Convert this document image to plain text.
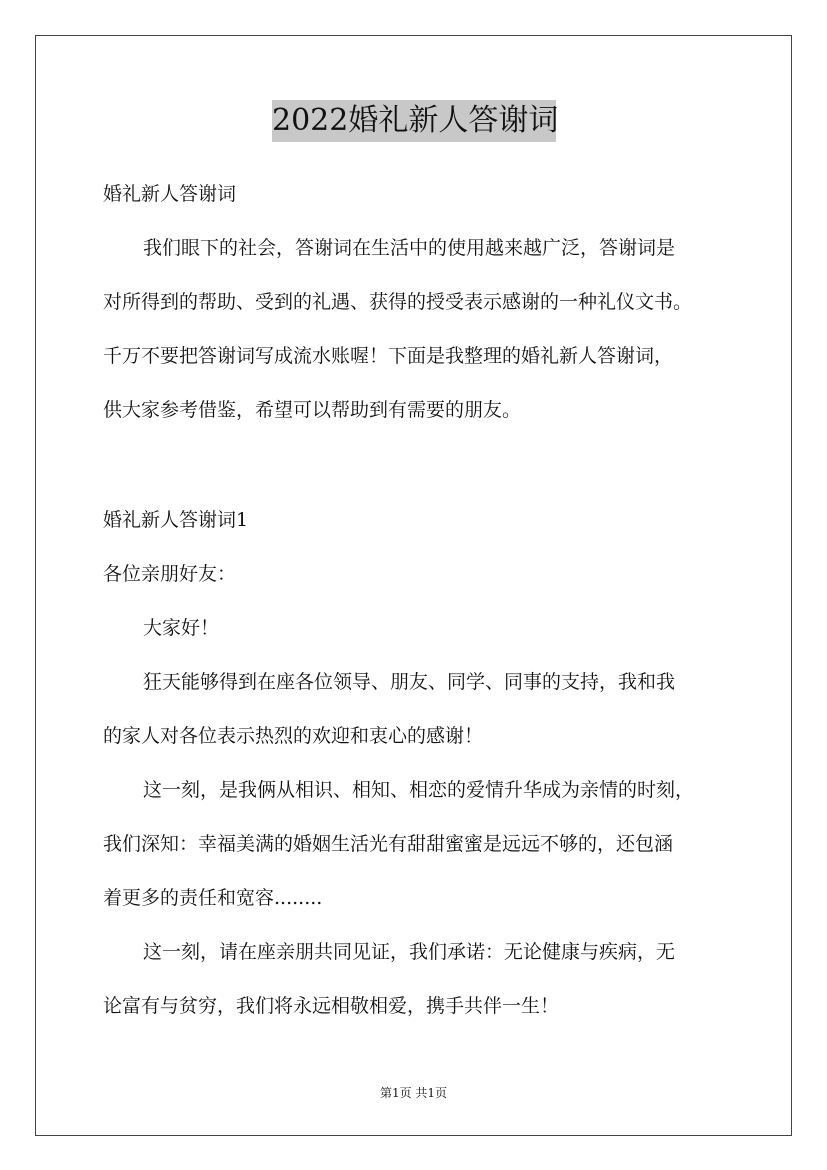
2022婚礼新人答谢词
婚礼新人答谢词
我们眼下的社会，答谢词在生活中的使用越来越广泛，答谢词是
对所得到的帮助、受到的礼遇、获得的授受表示感谢的一种礼仪文书。
千万不要把答谢词写成流水账喔！下面是我整理的婚礼新人答谢词，
供大家参考借鉴，希望可以帮助到有需要的朋友。
婚礼新人答谢词1
各位亲朋好友：
大家好！
狂天能够得到在座各位领导、朋友、同学、同事的支持，我和我
的家人对各位表示热烈的欢迎和衷心的感谢！
这一刻，是我俩从相识、相知、相恋的爱情升华成为亲情的时刻，
我们深知：幸福美满的婚姻生活光有甜甜蜜蜜是远远不够的，还包涵
着更多的责任和宽容........
这一刻，请在座亲朋共同见证，我们承诺：无论健康与疾病，无
论富有与贫穷，我们将永远相敬相爱，携手共伴一生！
第1页 共1页
